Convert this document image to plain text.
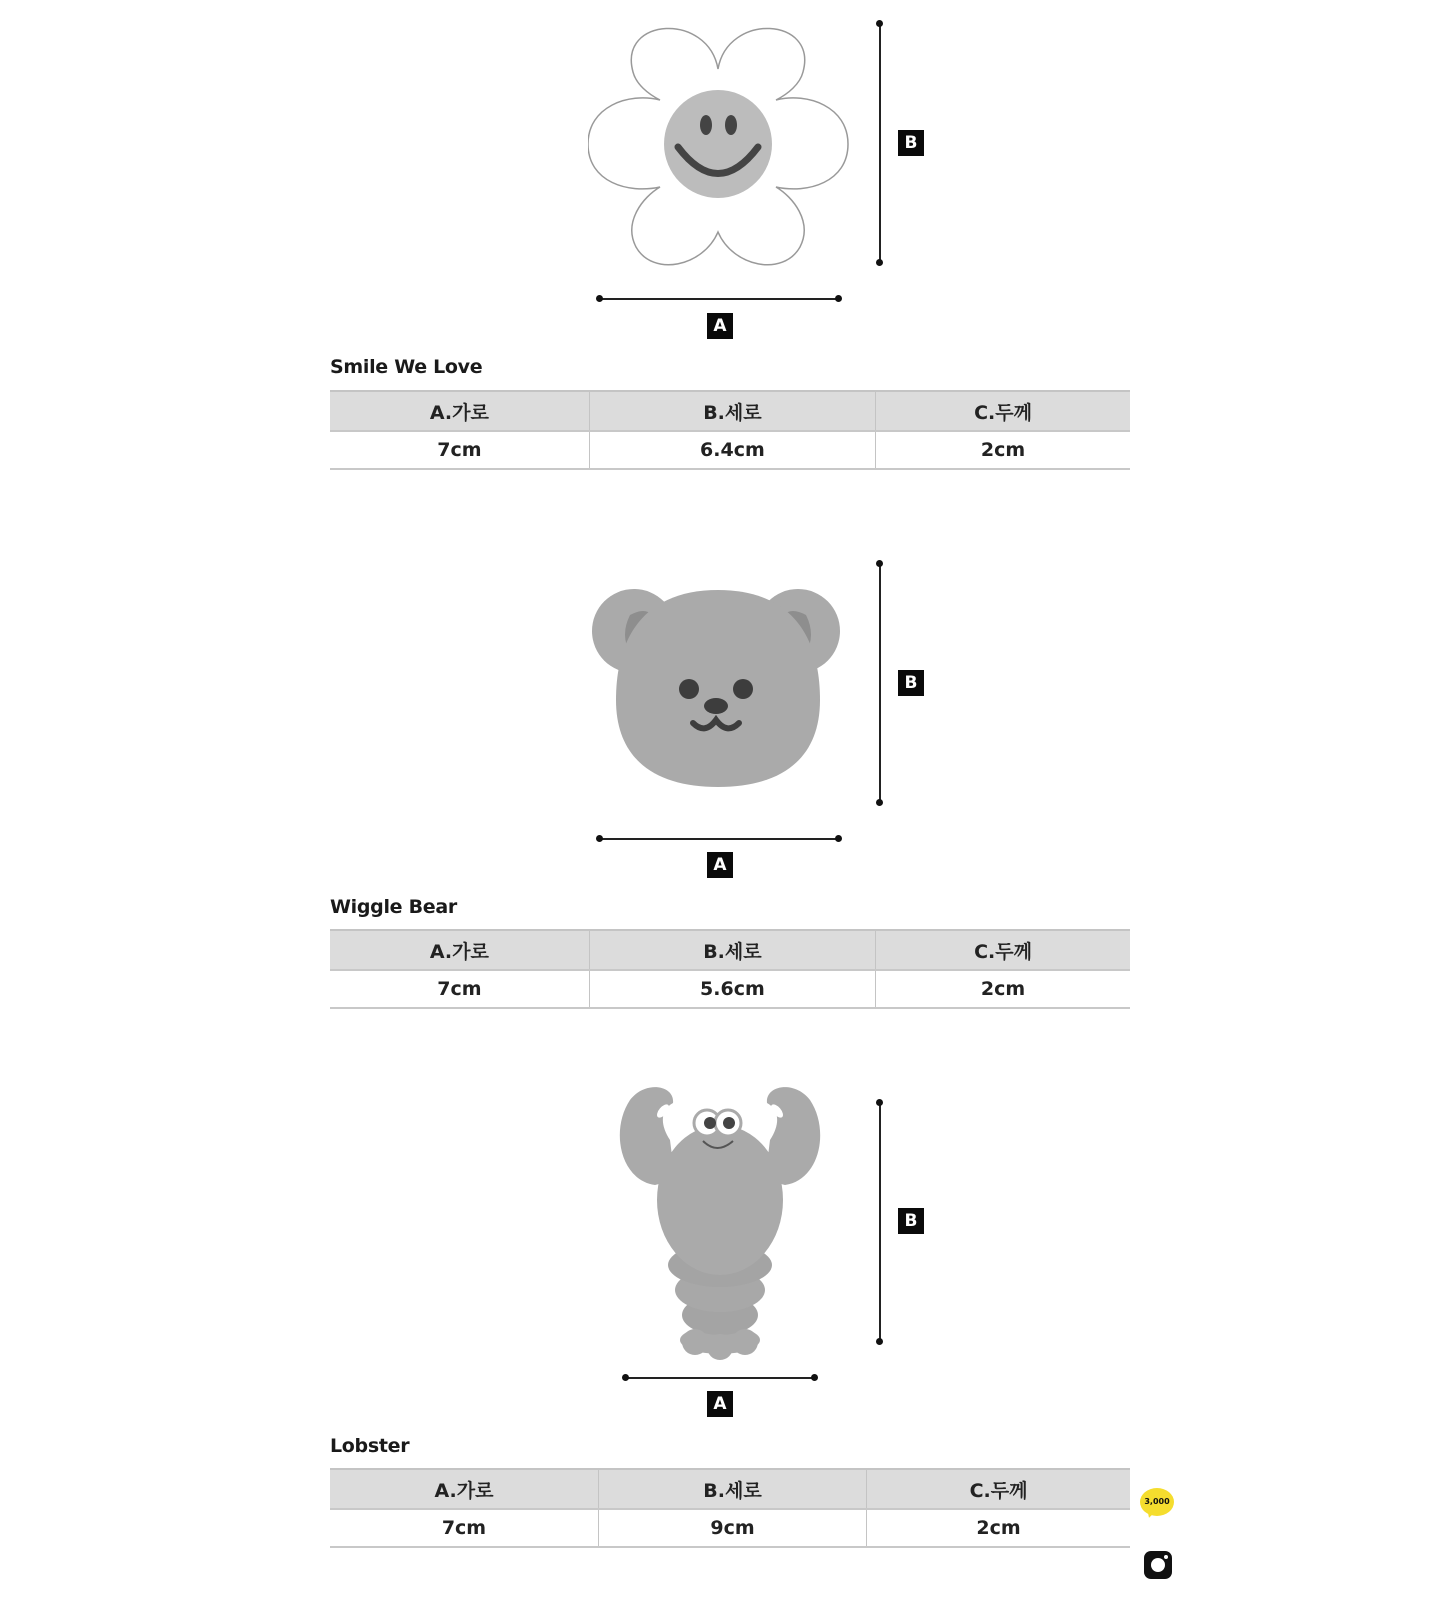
B
A
Smile We Love
A.가로	B.세로	C.두께
7cm	6.4cm	2cm
B
A
Wiggle Bear
A.가로	B.세로	C.두께
7cm	5.6cm	2cm
B
A
Lobster
A.가로	B.세로	C.두께
7cm	9cm	2cm
3,000
